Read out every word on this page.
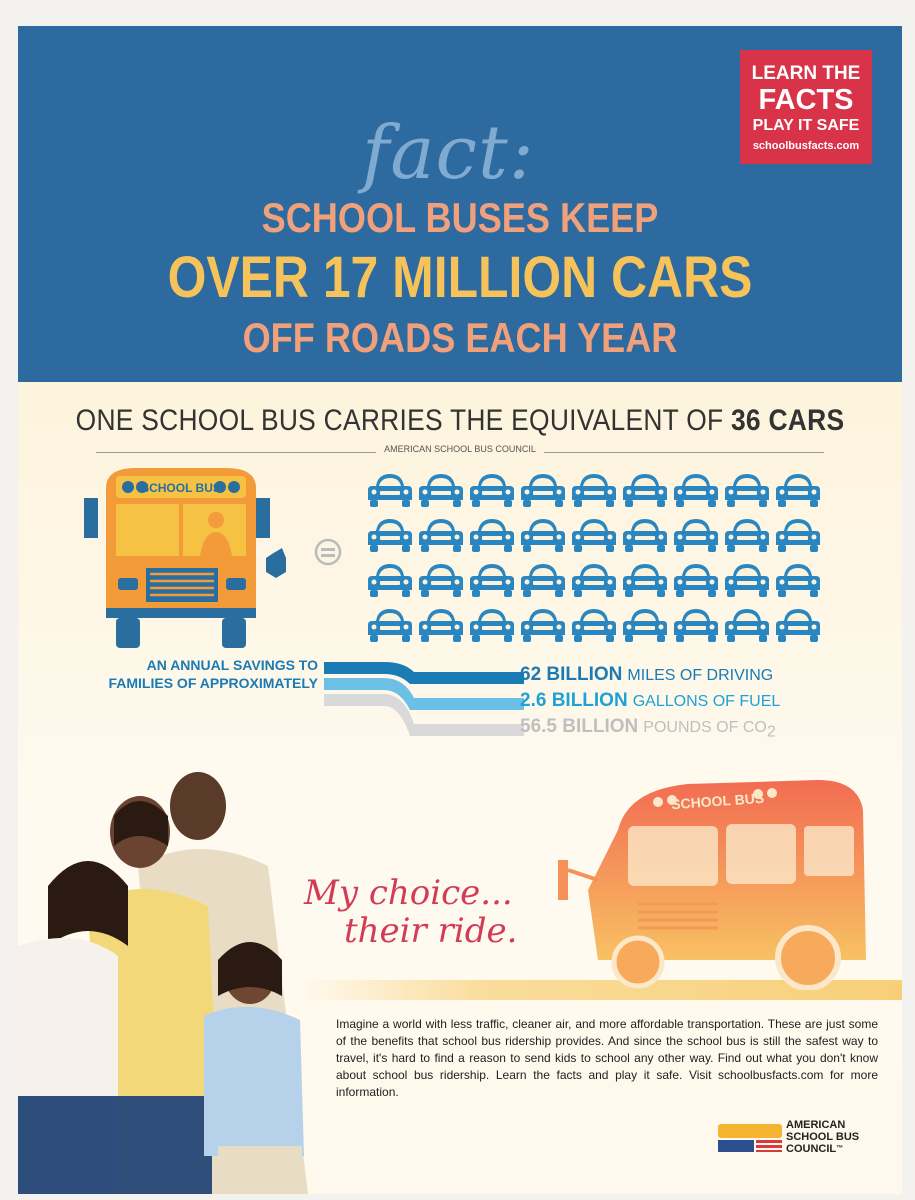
fact:
SCHOOL BUSES KEEP
OVER 17 MILLION CARS
OFF ROADS EACH YEAR
LEARN THE
FACTS
PLAY IT SAFE
schoolbusfacts.com
ONE SCHOOL BUS CARRIES THE EQUIVALENT OF 36 CARS
AMERICAN SCHOOL BUS COUNCIL
SCHOOL BUS
AN ANNUAL SAVINGS TO
FAMILIES OF APPROXIMATELY	62 BILLION MILES OF DRIVING
2.6 BILLION GALLONS OF FUEL
56.5 BILLION POUNDS OF $CO_2$
SCHOOL BUS
My choice...
their ride.
Imagine a world with less traffic, cleaner air, and more affordable transportation. These are just some of the benefits that school bus ridership provides. And since the school bus is still the safest way to travel, it's hard to find a reason to send kids to school any other way. Find out what you don't know about school bus ridership. Learn the facts and play it safe. Visit schoolbusfacts.com for more information.
AMERICAN
SCHOOL BUS
COUNCIL™
